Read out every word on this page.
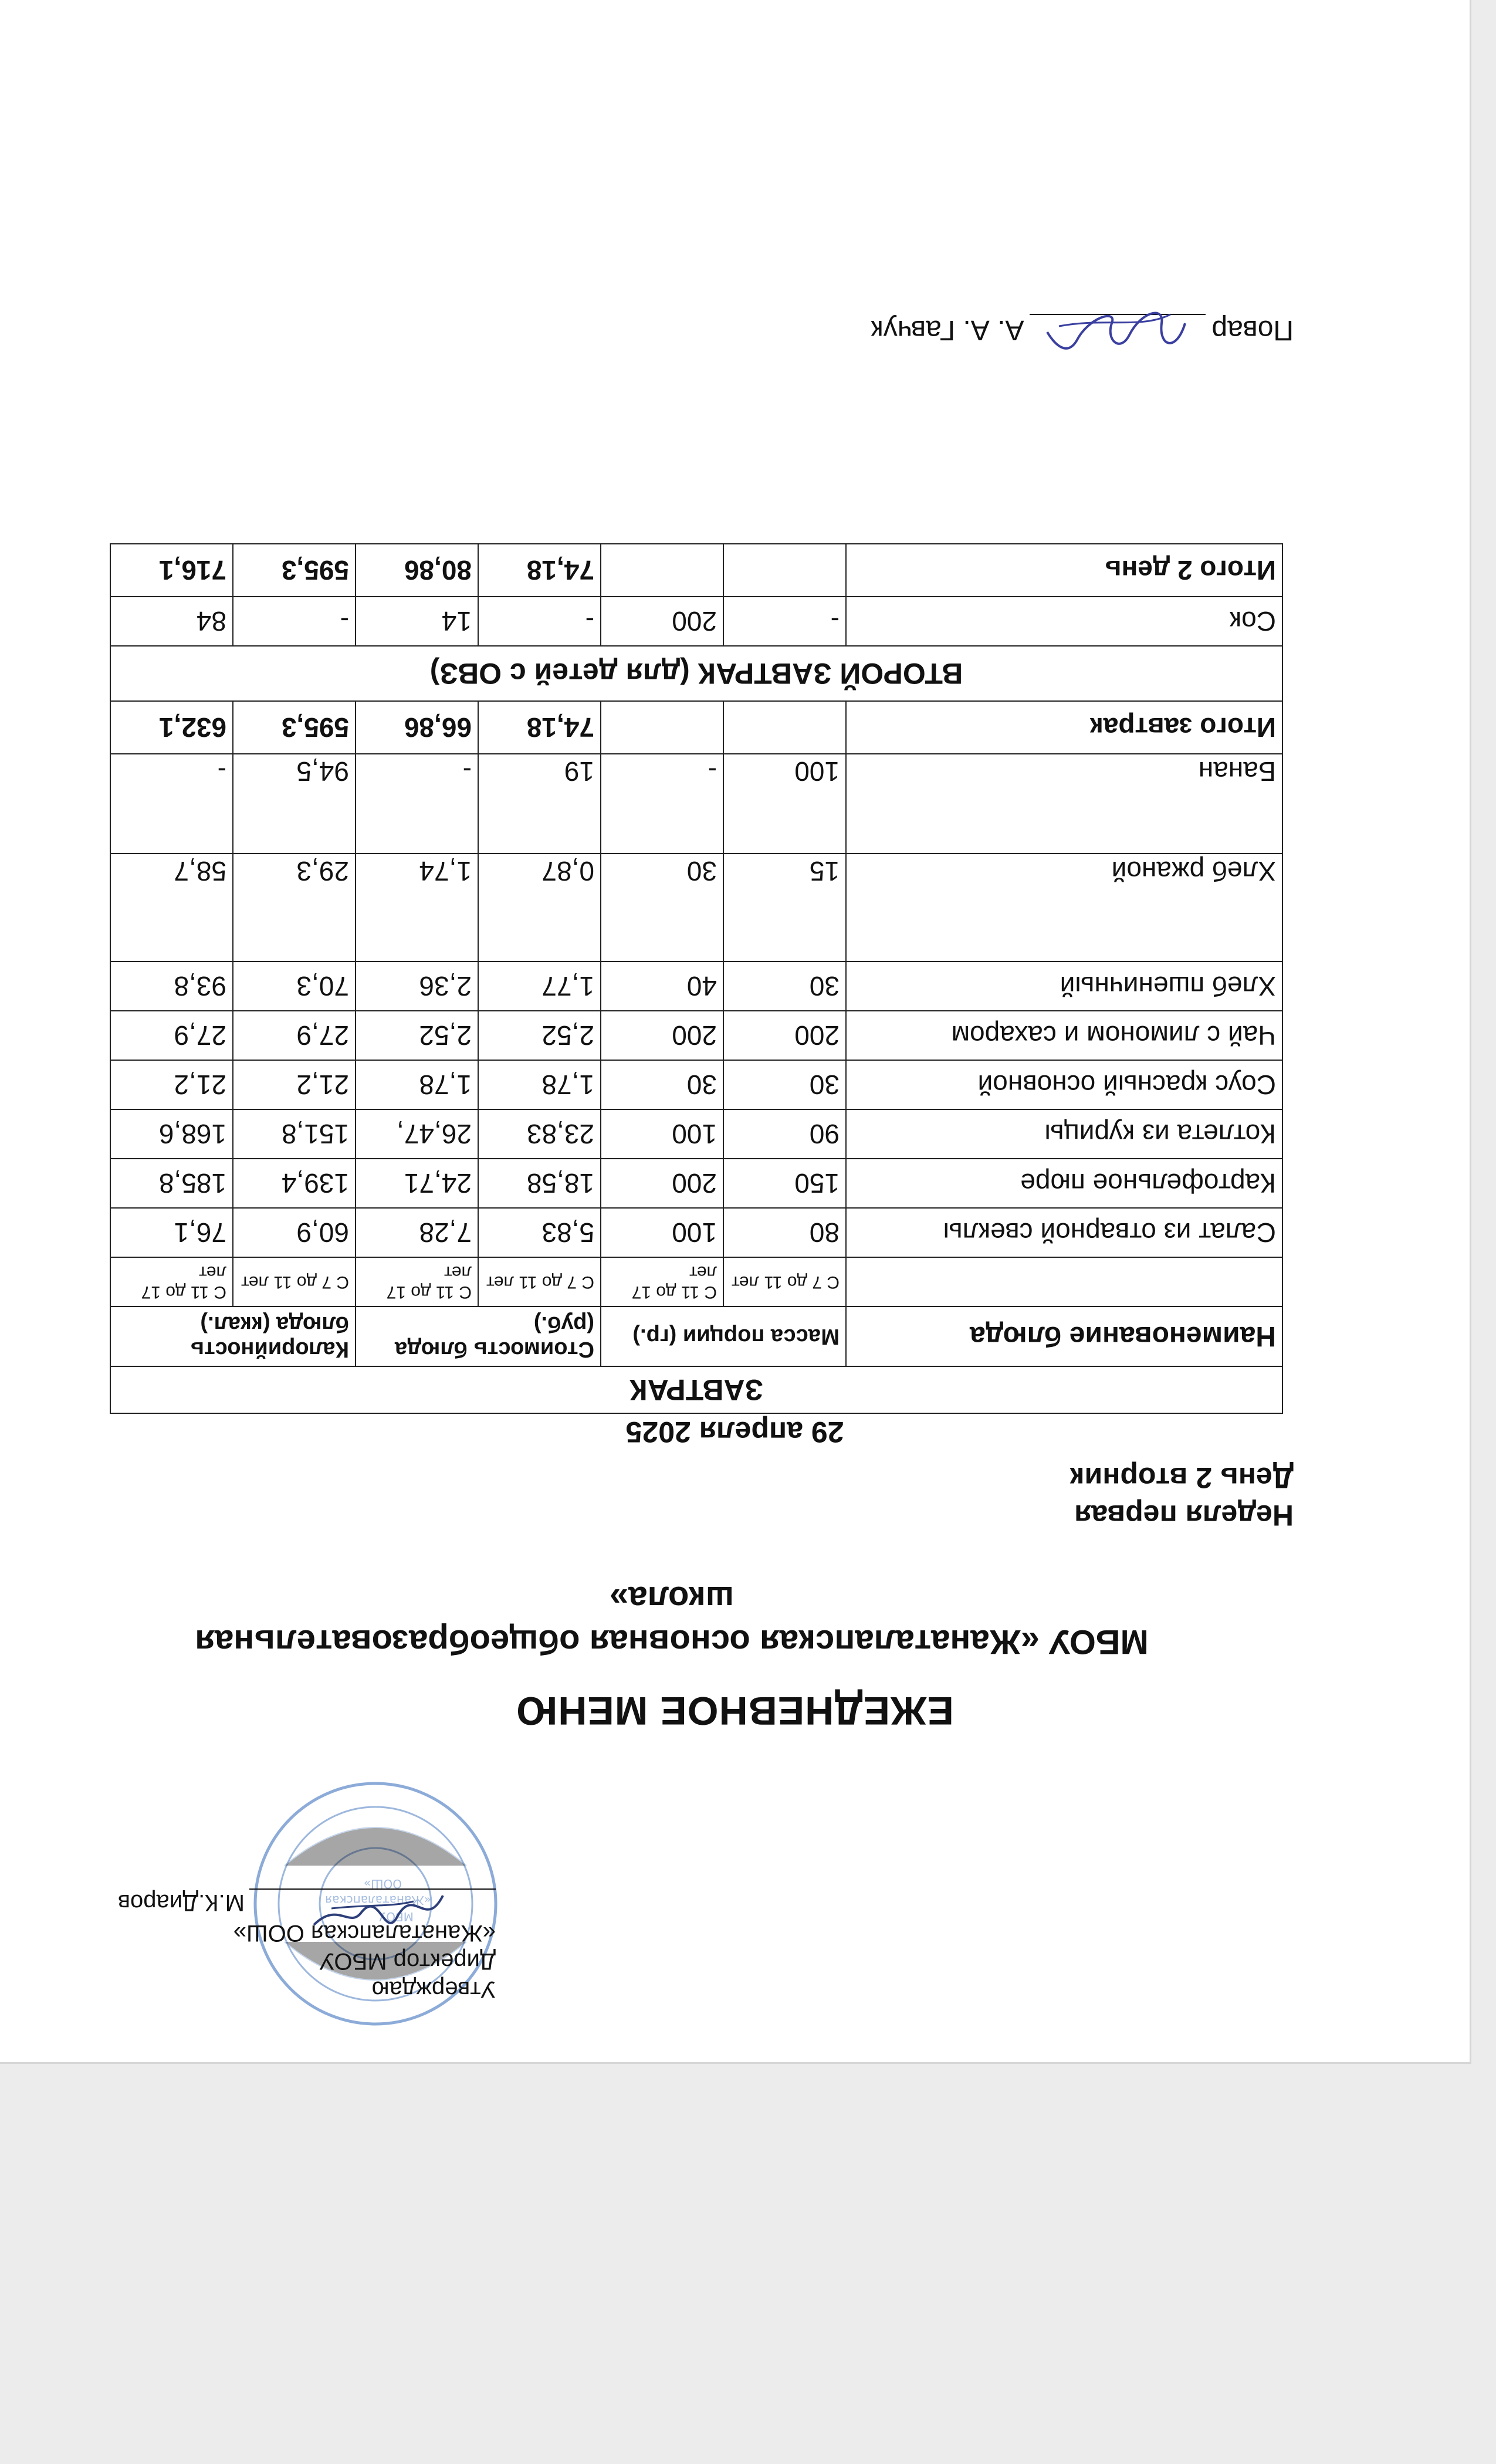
МБОУ
«Жанаталапская
ООШ»
Утверждаю
Директор МБОУ
«Жанаталапская ООШ»
М.К.Диаров
ЕЖЕДНЕВНОЕ МЕНЮ
МБОУ «Жанаталапская основная общеобразовательная школа»
Неделя первая
День 2 вторник
29 апреля 2025
ЗАВТРАК						
Наименование блюда	Масса порции (гр.)		Стоимость блюда (руб.)		Калорийность блюда (ккал.)	
	С 7 до 11 лет	С 11 до 17 лет	С 7 до 11 лет	С 11 до 17 лет	С 7 до 11 лет	С 11 до 17 лет
Салат из отварной свеклы	80	100	5,83	7,28	60,9	76,1
Картофельное пюре	150	200	18,58	24,71	139,4	185,8
Котлета из курицы	90	100	23,83	26,47,	151,8	168,6
Соус красный основной	30	30	1,78	1,78	21,2	21,2
Чай с лимоном и сахаром	200	200	2,52	2,52	27,9	27,9
Хлеб пшеничный	30	40	1,77	2,36	70,3	93,8
Хлеб ржаной	15	30	0,87	1,74	29,3	58,7
Банан	100	-	19	-	94,5	-
Итого завтрак			74,18	66,86	595,3	632,1
ВТОРОЙ ЗАВТРАК (для детей с ОВЗ)						
Сок	-	200	-	14	-	84
Итого 2 день			74,18	80,86	595,3	716,1
Повар
А. А. Гавчук
